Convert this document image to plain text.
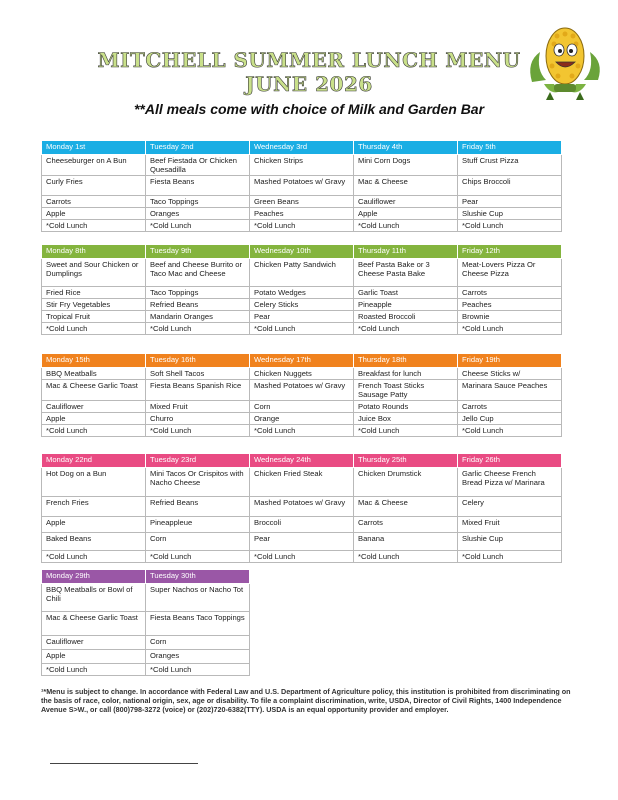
MITCHELL SUMMER LUNCH MENU
JUNE 2026
**All meals come with choice of Milk and Garden Bar
Monday 1st	Tuesday 2nd	Wednesday 3rd	Thursday 4th	Friday 5th
Cheeseburger on A Bun	Beef Fiestada Or Chicken Quesadilla	Chicken Strips	Mini Corn Dogs	Stuff Crust Pizza
Curly Fries	Fiesta Beans	Mashed Potatoes w/ Gravy	Mac & Cheese	Chips Broccoli
Carrots	Taco Toppings	Green Beans	Cauliflower	Pear
Apple	Oranges	Peaches	Apple	Slushie Cup
*Cold Lunch	*Cold Lunch	*Cold Lunch	*Cold Lunch	*Cold Lunch
Monday 8th	Tuesday 9th	Wednesday 10th	Thursday 11th	Friday 12th
Sweet and Sour Chicken or Dumplings	Beef and Cheese Burrito or Taco Mac and Cheese	Chicken Patty Sandwich	Beef Pasta Bake or 3 Cheese Pasta Bake	Meat-Lovers Pizza Or Cheese Pizza
Fried Rice	Taco Toppings	Potato Wedges	Garlic Toast	Carrots
Stir Fry Vegetables	Refried Beans	Celery Sticks	Pineapple	Peaches
Tropical Fruit	Mandarin Oranges	Pear	Roasted Broccoli	Brownie
*Cold Lunch	*Cold Lunch	*Cold Lunch	*Cold Lunch	*Cold Lunch
Monday 15th	Tuesday 16th	Wednesday 17th	Thursday 18th	Friday 19th
BBQ Meatballs	Soft Shell Tacos	Chicken Nuggets	Breakfast for lunch	Cheese Sticks w/
Mac & Cheese Garlic Toast	Fiesta Beans Spanish Rice	Mashed Potatoes w/ Gravy	French Toast Sticks Sausage Patty	Marinara Sauce Peaches
Cauliflower	Mixed Fruit	Corn	Potato Rounds	Carrots
Apple	Churro	Orange	Juice Box	Jello Cup
*Cold Lunch	*Cold Lunch	*Cold Lunch	*Cold Lunch	*Cold Lunch
Monday 22nd	Tuesday 23rd	Wednesday 24th	Thursday 25th	Friday 26th
Hot Dog on a Bun	Mini Tacos Or Crispitos with Nacho Cheese	Chicken Fried Steak	Chicken Drumstick	Garlic Cheese French Bread Pizza w/ Marinara
French Fries	Refried Beans	Mashed Potatoes w/ Gravy	Mac & Cheese	Celery
Apple	Pineapplеue	Broccoli	Carrots	Mixed Fruit
Baked Beans	Corn	Pear	Banana	Slushie Cup
*Cold Lunch	*Cold Lunch	*Cold Lunch	*Cold Lunch	*Cold Lunch
Monday 29th	Tuesday 30th
BBQ Meatballs or Bowl of Chili	Super Nachos or Nacho Tot
Mac & Cheese Garlic Toast	Fiesta Beans Taco Toppings
Cauliflower	Corn
Apple	Oranges
*Cold Lunch	*Cold Lunch
¹*Menu is subject to change. In accordance with Federal Law and U.S. Department of Agriculture policy, this institution is prohibited from discriminating on the basis of race, color, national origin, sex, age or disability. To file a complaint discrimination, write, USDA, Director of Civil Rights, 1400 Independence Avenue S>W., or call (800)798-3272 (voice) or (202)720-6382(TTY). USDA is an equal opportunity provider and employer.
